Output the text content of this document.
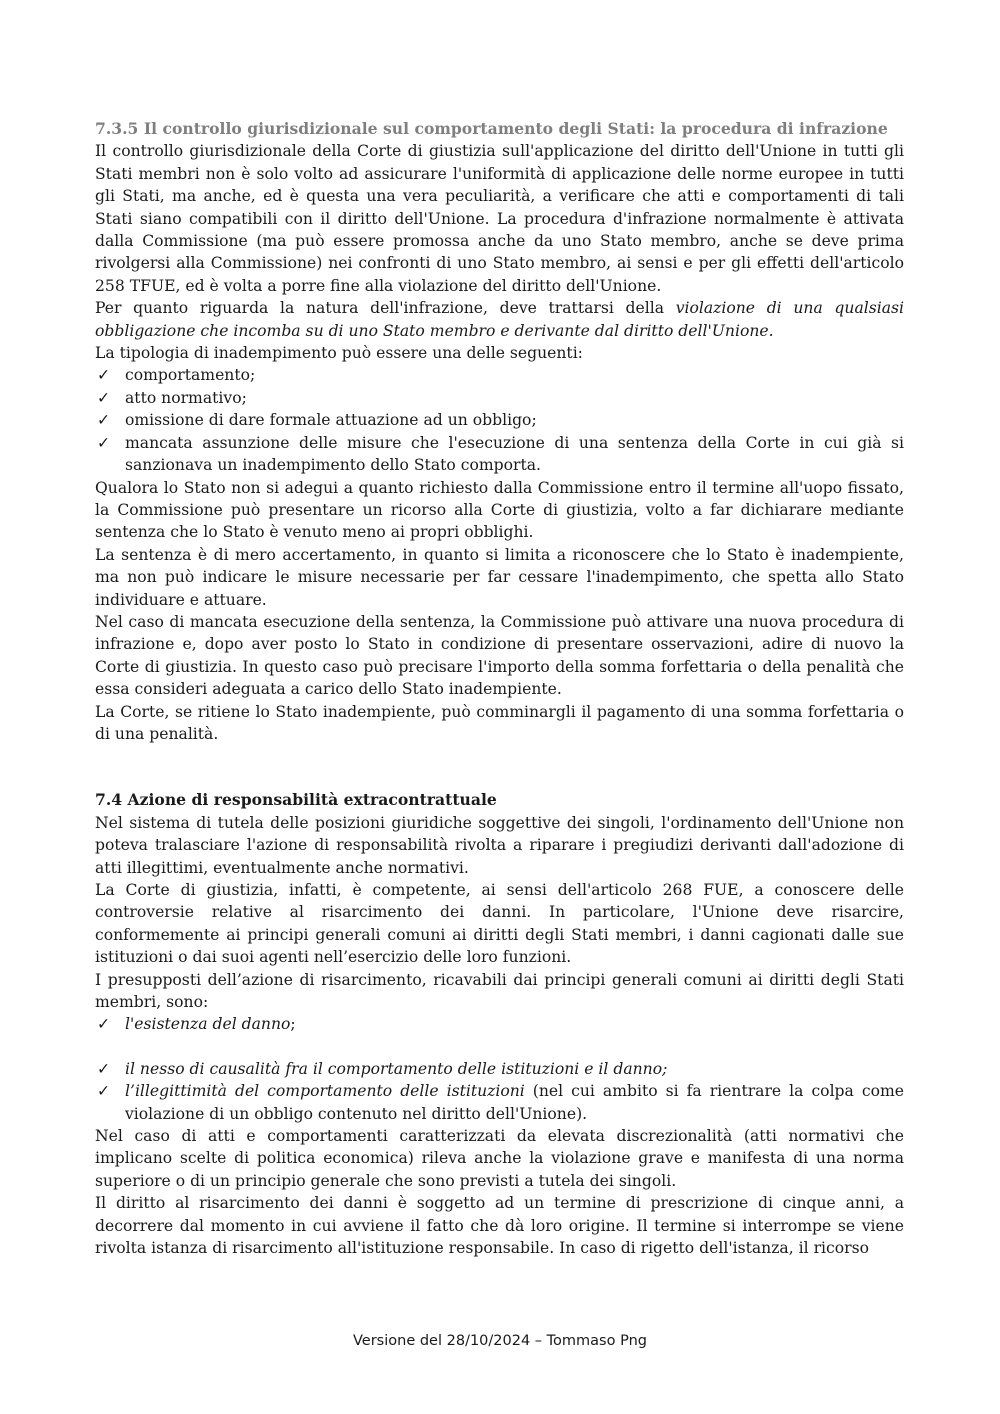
7.3.5 Il controllo giurisdizionale sul comportamento degli Stati: la procedura di infrazione

Il controllo giurisdizionale della Corte di giustizia sull'applicazione del diritto dell'Unione in tutti gli Stati membri non è solo volto ad assicurare l'uniformità di applicazione delle norme europee in tutti gli Stati, ma anche, ed è questa una vera peculiarità, a verificare che atti e comportamenti di tali Stati siano compatibili con il diritto dell'Unione. La procedura d'infrazione normalmente è attivata dalla Commissione (ma può essere promossa anche da uno Stato membro, anche se deve prima rivolgersi alla Commissione) nei confronti di uno Stato membro, ai sensi e per gli effetti dell'articolo 258 TFUE, ed è volta a porre fine alla violazione del diritto dell'Unione.

Per quanto riguarda la natura dell'infrazione, deve trattarsi della violazione di una qualsiasi obbligazione che incomba su di uno Stato membro e derivante dal diritto dell'Unione.

La tipologia di inadempimento può essere una delle seguenti:

✓ comportamento;
✓ atto normativo;
✓ omissione di dare formale attuazione ad un obbligo;
✓ mancata assunzione delle misure che l'esecuzione di una sentenza della Corte in cui già si sanzionava un inadempimento dello Stato comporta.

Qualora lo Stato non si adegui a quanto richiesto dalla Commissione entro il termine all'uopo fissato, la Commissione può presentare un ricorso alla Corte di giustizia, volto a far dichiarare mediante sentenza che lo Stato è venuto meno ai propri obblighi.

La sentenza è di mero accertamento, in quanto si limita a riconoscere che lo Stato è inadempiente, ma non può indicare le misure necessarie per far cessare l'inadempimento, che spetta allo Stato individuare e attuare.

Nel caso di mancata esecuzione della sentenza, la Commissione può attivare una nuova procedura di infrazione e, dopo aver posto lo Stato in condizione di presentare osservazioni, adire di nuovo la Corte di giustizia. In questo caso può precisare l'importo della somma forfettaria o della penalità che essa consideri adeguata a carico dello Stato inadempiente.

La Corte, se ritiene lo Stato inadempiente, può comminargli il pagamento di una somma forfettaria o di una penalità.

7.4 Azione di responsabilità extracontrattuale

Nel sistema di tutela delle posizioni giuridiche soggettive dei singoli, l'ordinamento dell'Unione non poteva tralasciare l'azione di responsabilità rivolta a riparare i pregiudizi derivanti dall'adozione di atti illegittimi, eventualmente anche normativi.

La Corte di giustizia, infatti, è competente, ai sensi dell'articolo 268 FUE, a conoscere delle controversie relative al risarcimento dei danni. In particolare, l'Unione deve risarcire, conformemente ai principi generali comuni ai diritti degli Stati membri, i danni cagionati dalle sue istituzioni o dai suoi agenti nell’esercizio delle loro funzioni.

I presupposti dell’azione di risarcimento, ricavabili dai principi generali comuni ai diritti degli Stati membri, sono:

✓ l'esistenza del danno;
✓ il nesso di causalità fra il comportamento delle istituzioni e il danno;
✓ l’illegittimità del comportamento delle istituzioni (nel cui ambito si fa rientrare la colpa come violazione di un obbligo contenuto nel diritto dell'Unione).

Nel caso di atti e comportamenti caratterizzati da elevata discrezionalità (atti normativi che implicano scelte di politica economica) rileva anche la violazione grave e manifesta di una norma superiore o di un principio generale che sono previsti a tutela dei singoli.

Il diritto al risarcimento dei danni è soggetto ad un termine di prescrizione di cinque anni, a decorrere dal momento in cui avviene il fatto che dà loro origine. Il termine si interrompe se viene rivolta istanza di risarcimento all'istituzione responsabile. In caso di rigetto dell'istanza, il ricorso

Versione del 28/10/2024 – Tommaso Png
